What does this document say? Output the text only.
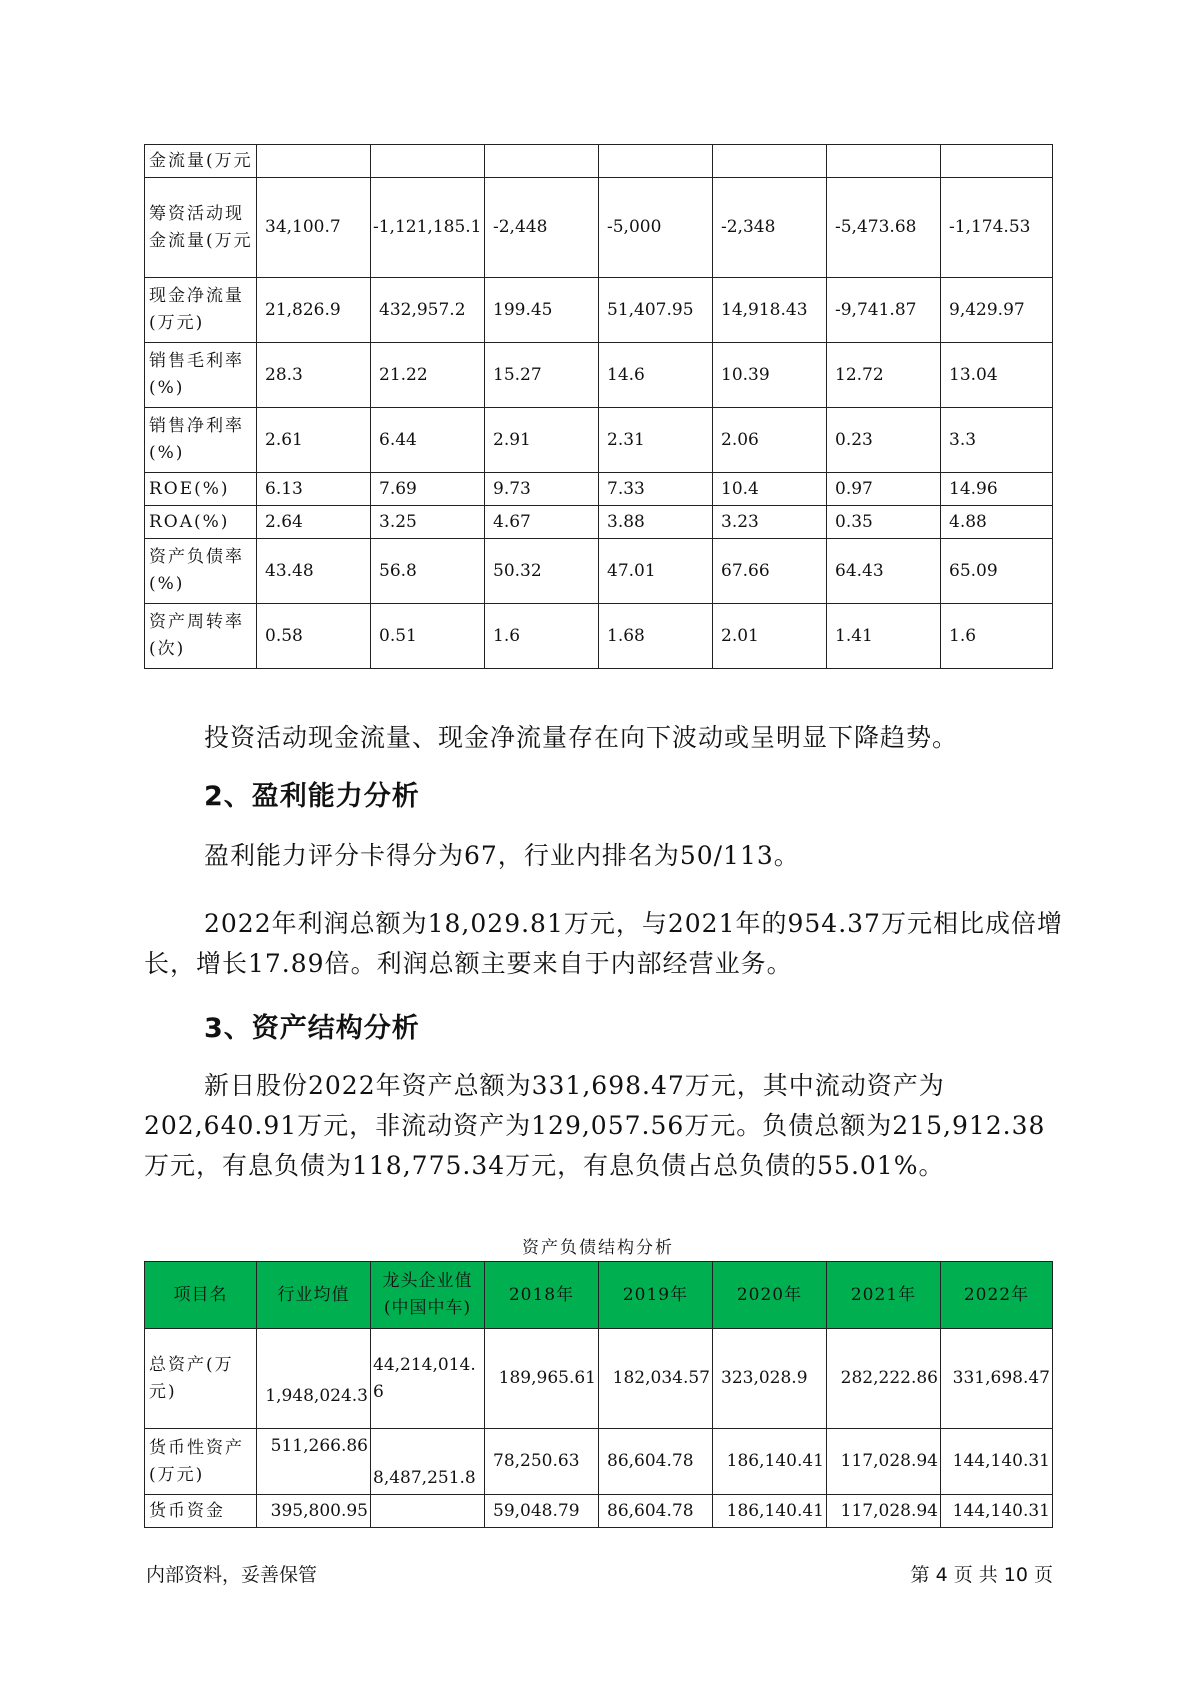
金流量(万元							
筹资活动现金流量(万元	34,100.7	-1,121,185.1	-2,448	-5,000	-2,348	-5,473.68	-1,174.53
现金净流量(万元)	21,826.9	432,957.2	199.45	51,407.95	14,918.43	-9,741.87	9,429.97
销售毛利率(%)	28.3	21.22	15.27	14.6	10.39	12.72	13.04
销售净利率(%)	2.61	6.44	2.91	2.31	2.06	0.23	3.3
ROE(%)	6.13	7.69	9.73	7.33	10.4	0.97	14.96
ROA(%)	2.64	3.25	4.67	3.88	3.23	0.35	4.88
资产负债率(%)	43.48	56.8	50.32	47.01	67.66	64.43	65.09
资产周转率(次)	0.58	0.51	1.6	1.68	2.01	1.41	1.6

投资活动现金流量、现金净流量存在向下波动或呈明显下降趋势。

2、盈利能力分析

盈利能力评分卡得分为67，行业内排名为50/113。

2022年利润总额为18,029.81万元，与2021年的954.37万元相比成倍增长，增长17.89倍。利润总额主要来自于内部经营业务。

3、资产结构分析

新日股份2022年资产总额为331,698.47万元，其中流动资产为202,640.91万元，非流动资产为129,057.56万元。负债总额为215,912.38万元，有息负债为118,775.34万元，有息负债占总负债的55.01%。

资产负债结构分析

项目名	行业均值	龙头企业值(中国中车)	2018年	2019年	2020年	2021年	2022年
总资产(万元)	1,948,024.3	44,214,014.6	189,965.61	182,034.57	323,028.9	282,222.86	331,698.47
货币性资产(万元)	511,266.86	8,487,251.8	78,250.63	86,604.78	186,140.41	117,028.94	144,140.31
货币资金	395,800.95		59,048.79	86,604.78	186,140.41	117,028.94	144,140.31

内部资料，妥善保管	第 4 页 共 10 页
